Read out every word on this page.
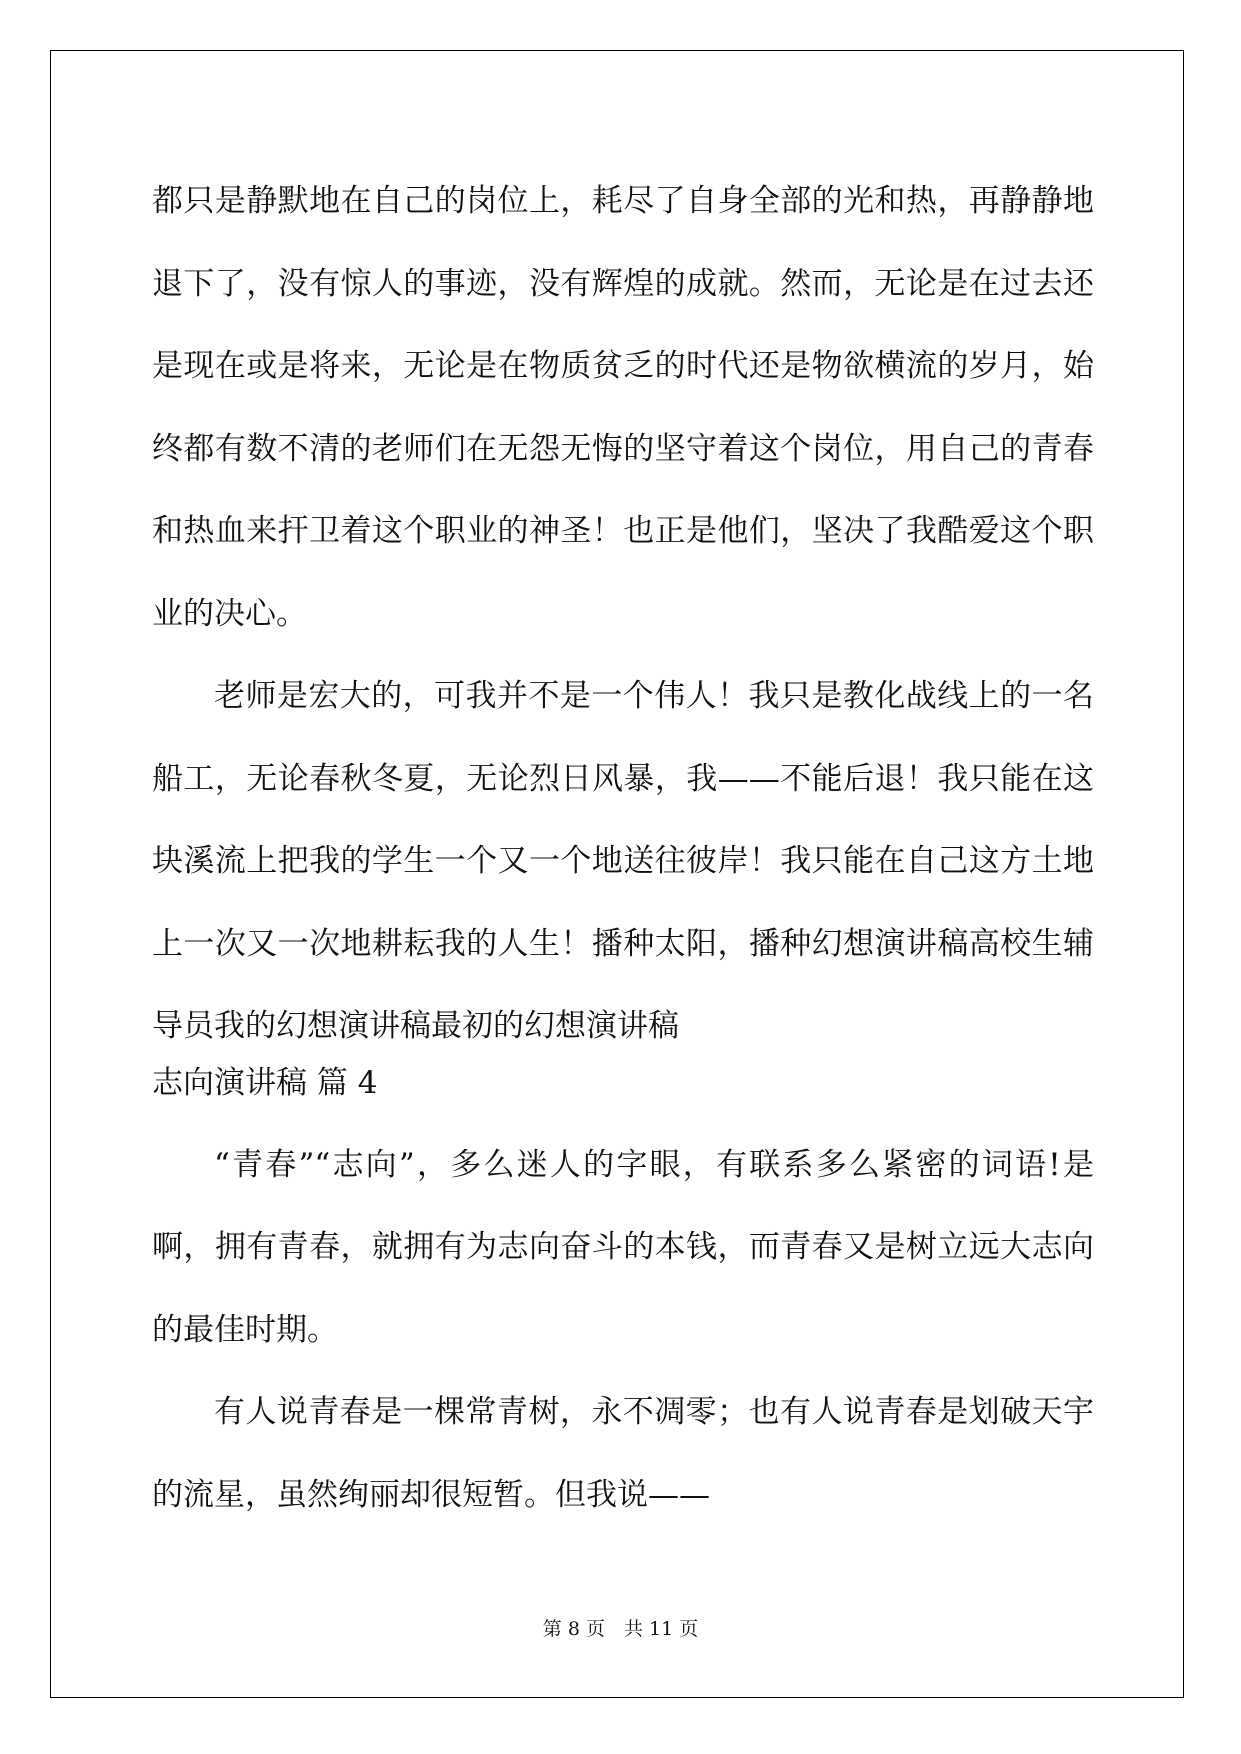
都只是静默地在自己的岗位上，耗尽了自身全部的光和热，再静静地
退下了，没有惊人的事迹，没有辉煌的成就。然而，无论是在过去还
是现在或是将来，无论是在物质贫乏的时代还是物欲横流的岁月，始
终都有数不清的老师们在无怨无悔的坚守着这个岗位，用自己的青春
和热血来扞卫着这个职业的神圣！也正是他们，坚决了我酷爱这个职
业的决心。
老师是宏大的，可我并不是一个伟人！我只是教化战线上的一名
船工，无论春秋冬夏，无论烈日风暴，我——不能后退！我只能在这
块溪流上把我的学生一个又一个地送往彼岸！我只能在自己这方土地
上一次又一次地耕耘我的人生！播种太阳，播种幻想演讲稿高校生辅
导员我的幻想演讲稿最初的幻想演讲稿
志向演讲稿 篇 4
“青春”“志向”，多么迷人的字眼，有联系多么紧密的词语!是
啊，拥有青春，就拥有为志向奋斗的本钱，而青春又是树立远大志向
的最佳时期。
有人说青春是一棵常青树，永不凋零；也有人说青春是划破天宇
的流星，虽然绚丽却很短暂。但我说——
第 8 页　共 11 页
